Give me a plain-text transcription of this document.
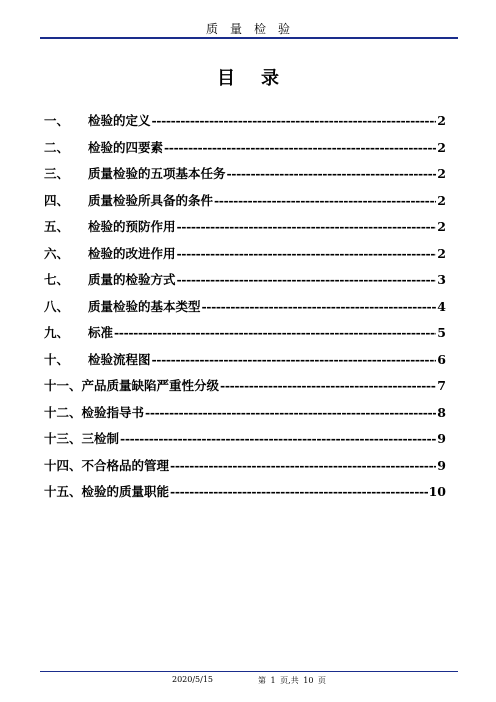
质量检验
目 录
一、	检验的定义 -----	2
二、	检验的四要素 -----	2
三、	质量检验的五项基本任务 -----	2
四、	质量检验所具备的条件 -----	2
五、	检验的预防作用 -----	2
六、	检验的改进作用 -----	2
七、	质量的检验方式 -----	3
八、	质量检验的基本类型 -----	4
九、	标准 -----	5
十、	检验流程图 -----	6
十一、 产品质量缺陷严重性分级 -----	7
十二、 检验指导书 -----	8
十三、 三检制 -----	9
十四、 不合格品的管理 -----	9
十五、 检验的质量职能 -----	10
2020/5/15	第 1 页,共 10 页
